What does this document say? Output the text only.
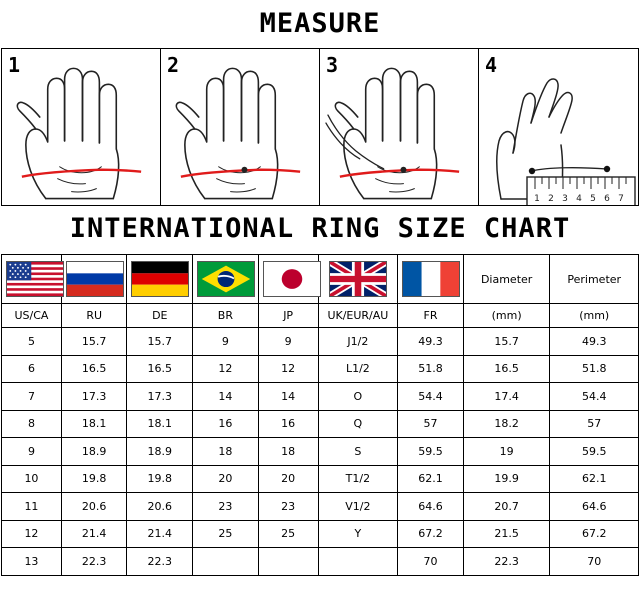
MEASURE
1	2	3	4
1 2 3 4 5 6 7
INTERNATIONAL RING SIZE CHART

	Diameter	Perimeter
US/CA	RU	DE	BR	JP	UK/EUR/AU	FR	(mm)	(mm)
5	15.7	15.7	9	9	J1/2	49.3	15.7	49.3
6	16.5	16.5	12	12	L1/2	51.8	16.5	51.8
7	17.3	17.3	14	14	O	54.4	17.4	54.4
8	18.1	18.1	16	16	Q	57	18.2	57
9	18.9	18.9	18	18	S	59.5	19	59.5
10	19.8	19.8	20	20	T1/2	62.1	19.9	62.1
11	20.6	20.6	23	23	V1/2	64.6	20.7	64.6
12	21.4	21.4	25	25	Y	67.2	21.5	67.2
13	22.3	22.3				70	22.3	70
